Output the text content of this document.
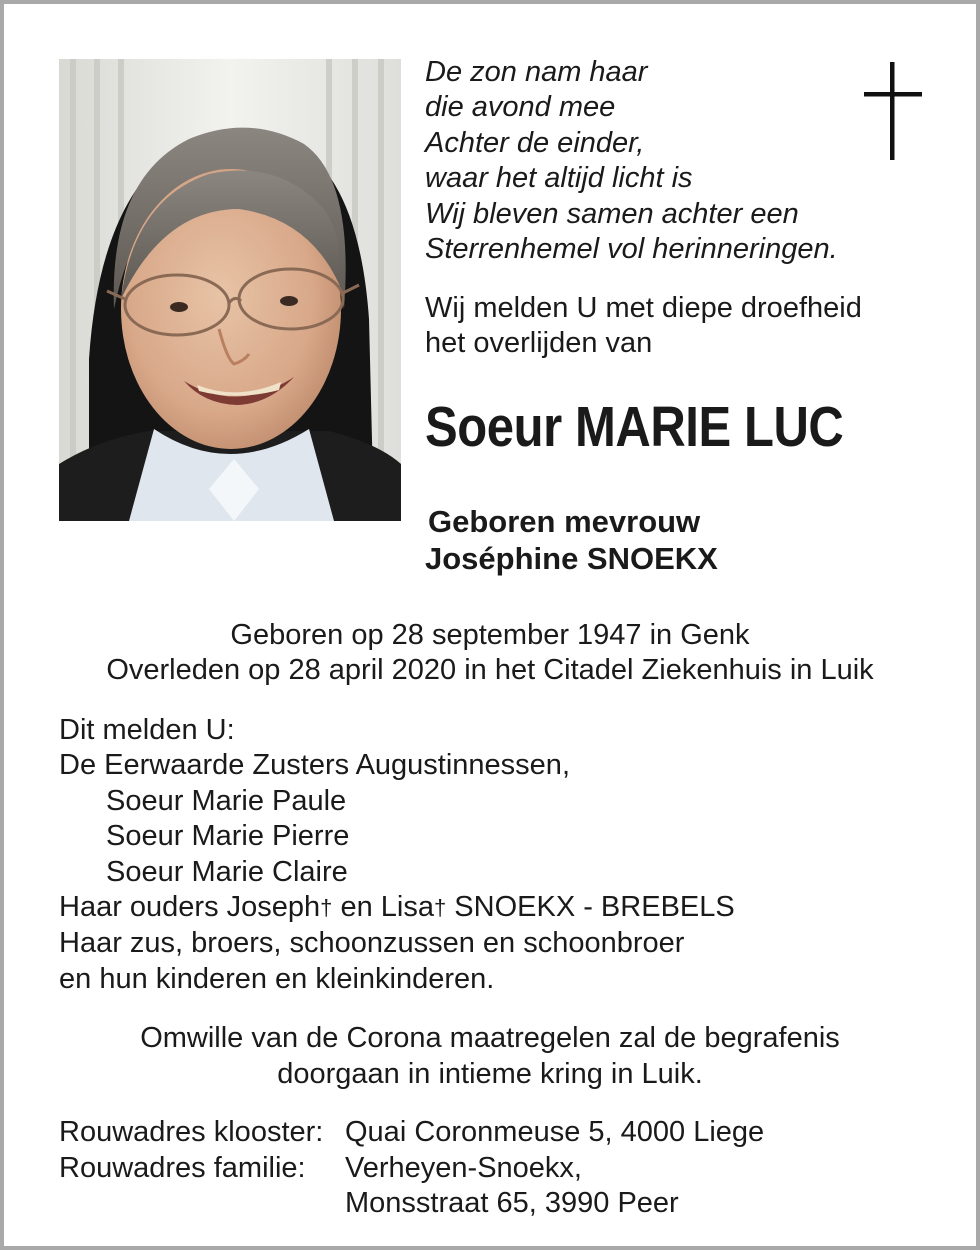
De zon nam haar
die avond mee
Achter de einder,
waar het altijd licht is
Wij bleven samen achter een
Sterrenhemel vol herinneringen.
Wij melden U met diepe droefheid
het overlijden van
Soeur MARIE LUC
Geboren mevrouw
Joséphine SNOEKX
Geboren op 28 september 1947 in Genk
Overleden op 28 april 2020 in het Citadel Ziekenhuis in Luik
Dit melden U:
De Eerwaarde Zusters Augustinnessen,
Soeur Marie Paule
Soeur Marie Pierre
Soeur Marie Claire
Haar ouders Joseph† en Lisa† SNOEKX - BREBELS
Haar zus, broers, schoonzussen en schoonbroer
en hun kinderen en kleinkinderen.
Omwille van de Corona maatregelen zal de begrafenis
doorgaan in intieme kring in Luik.
Rouwadres klooster: Quai Coronmeuse 5, 4000 Liege
Rouwadres familie:	Verheyen-Snoekx,
Monsstraat 65, 3990 Peer
